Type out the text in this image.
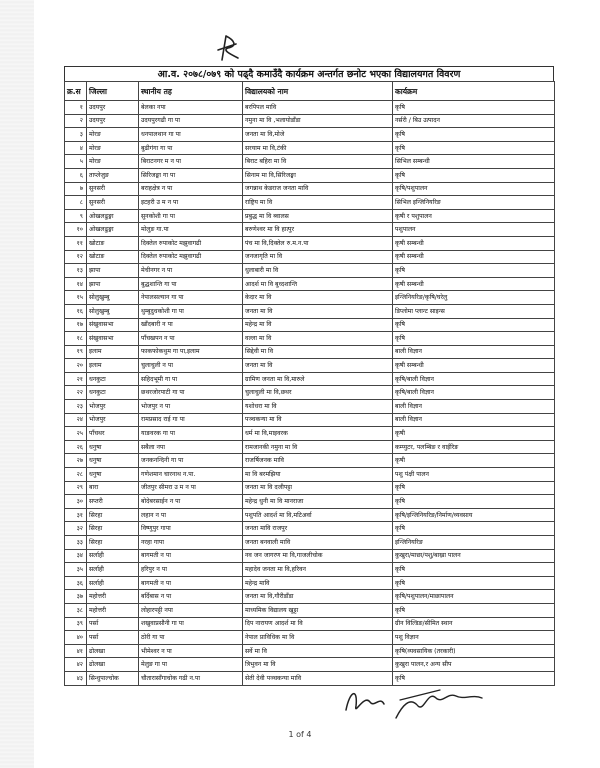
आ.व. २०७८/०७९ को पढ्दै कमाउँदै कार्यक्रम अन्तर्गत छनोट भएका विद्यालयगत विवरण
क्र.स	जिल्ला	स्थानीय तह	विद्यालयको नाम	कार्यक्रम
१	उदयपुर	बेलका नपा	बरपिपल मावि	कृषि
२	उदयपुर	उदयपुरगढी गा पा	नमुना मा वि ,भलायोडाँडा	नर्सरी / बिउ उत्पादन
३	मोरङ	धनपालथान गा पा	जनता मा वि,मोजे	कृषि
४	मोरङ	बुढीगंगा गा पा	सरयाम मा वि,टंकी	कृषि
५	मोरङ	बिराटनगर म न पा	बिराट बहिरा मा वि	सिभिल सम्बन्धी
६	ताप्लेजुङ	सिरिजङ्घा गा पा	सिनाम मा वि,सिरिजङ्घा	कृषि
७	सुनसरी	बराहक्षेत्र न पा	जगन्नाथ केडराज जनता मावि	कृषि/पशुपालन
८	सुनसरी	इटहरी उ म न पा	राष्ट्रिय मा वि	सिभिल इन्जिनियरिङ
९	ओखलढुङ्गा	सुनकोशी गा पा	प्रबुद्ध मा वि ब्वालस	कृषी र पशुपालन
१०	ओखलढुङ्गा	मोलुङ गा.पा	बरुणेश्वर मा वि हात्पुर	पशुपालन
११	खोटाङ	दिक्तेल रुपाकोट मझुवागढी	पंच मा वि,दिक्तेल रु.म.न.पा	कृषी सम्बन्धी
१२	खोटाङ	दिक्तेल रुपाकोट मझुवागढी	जनजागृति मा वि	कृषी सम्बन्धी
१३	झापा	मेचीनगर न पा	धुलाबारी मा वि	कृषि
१४	झापा	बुद्धशान्ति गा पा	आदर्श मा वि बुध्दशान्ति	कृषी सम्बन्धी
१५	सोलुखुम्बु	नेपालसल्यान गा पा	केदार मा वि	इन्जिनियरिङ/कृषि/घरेलु
१६	सोलुखुम्बु	थुम्बुदुधकोशी गा पा	जनता मा वि	डिप्लोमा प्लान्ट साइन्स
१७	संखुवासभा	खाँदबारी न पा	महेन्द्र मा वि	कृषि
१८	संखुवासभा	पाँचखपन न पा	वल्ला मा वि	कृषि
१९	इलाम	फाकफोकथुम गा पा,इलाम	सिद्देवी मा वि	बाली विज्ञान
२०	इलाम	चुलाचुली न पा	जनता मा वि	कृषी सम्बन्धी
२१	धनकुटा	सहिदभूमी गा पा	ग्रामिण जनता मा वि,मारुले	कृषि/बाली विज्ञान
२२	धनकुटा	छथरजोरपाटी गा पा	चुलाचुली मा वि,छथर	कृषि/बाली विज्ञान
२३	भोजपुर	भोजपुर न पा	यशोधरा मा वि	बाली विज्ञान
२४	भोजपुर	रामप्रसाद राई गा पा	पञ्चकन्या मा वि	बाली विज्ञान
२५	पाँचथर	याङवरक गा पा	धर्म मा वि,माइवरक	कृषी
२६	धनुषा	सबैला नपा	रामजानकी नमुना मा वि	कम्प्युटर, पलम्बिङ र वाईरिङ
२७	धनुषा	जनकनन्दिनी गा पा	राजर्षिजनक मावि	कृषी
२८	धनुषा	गणेशमान चारनाथ न.पा.	मा वि बरमझिया	पशु पंक्षी पालन
२९	बारा	जीतपुर सीमरा उ म न पा	जनता मा वि दजीपट्टा	कृषि
३०	सप्तरी	बोदेबरसाईन न पा	महेन्द्र धुनी मा वि मानराजा	कृषि
३१	सिरहा	लहान न पा	पशुपति आदर्श मा वि,मटिअर्वा	कृषि/इन्जिनियरिङ/निर्माण/व्यवसाय
३२	सिरहा	विष्णुपुर गापा	जनता मावि राजपुर	कृषि
३३	सिरहा	नरहा गापा	जनता बनवाली मावि	इन्जिनियरिङ
३४	सर्लाही	बागमती न पा	नव जन जागरण मा वि,गाजलीचोक	कुखुरा/माछा/पशु/बाख्रा पालन
३५	सर्लाही	हरिपुर न पा	महादेव जनता मा वि,हरिवन	कृषि
३६	सर्लाही	बागमती न पा	महेन्द्र मावि	कृषि
३७	महोत्तरी	बर्दिबास न पा	जनता मा वि,गौरीडाँडा	कृषि/पशुपालन/माछापालन
३८	महोत्तरी	लोहारपट्टी नपा	माध्यमिक विद्यालय खुट्टा	कृषि
३९	पर्सा	शखुवाप्रसौनी गा पा	दिप नारायण आदर्श मा वि	ग्रीन विल्डिङ/सीमित स्थान
४०	पर्सा	ठोरी गा पा	नेपाल प्राविधिक मा वि	पशु विज्ञान
४१	ढोलखा	भीमेश्वर न पा	सर्वे मा वि	कृषि(व्यवसायिक (तरकारी)
४२	ढोलखा	मेलुङ गा पा	त्रिभुवन मा वि	कुखुरा पालन,र अन्य सीप
४३	सिन्धुपाल्चोक	चौतारासाँगाचोक गढी न.पा	सेती देवी पञ्चकन्या मावि	कृषि
1 of 4
